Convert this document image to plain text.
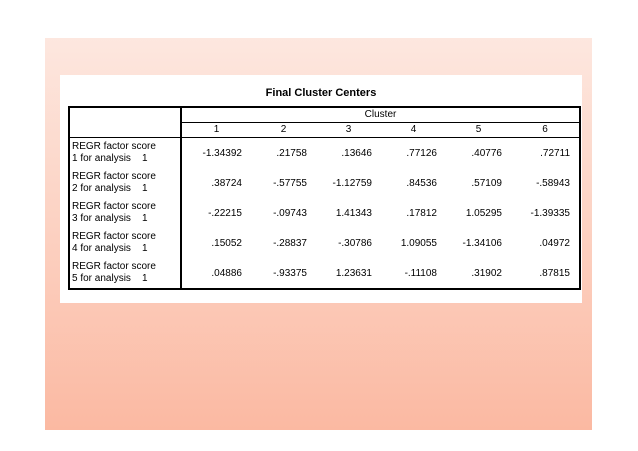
Final Cluster Centers
	Cluster					
	1	2	3	4	5	6
REGR factor score
1 for analysis    1	-1.34392	.21758	.13646	.77126	.40776	.72711
REGR factor score
2 for analysis    1	.38724	-.57755	-1.12759	.84536	.57109	-.58943
REGR factor score
3 for analysis    1	-.22215	-.09743	1.41343	.17812	1.05295	-1.39335
REGR factor score
4 for analysis    1	.15052	-.28837	-.30786	1.09055	-1.34106	.04972
REGR factor score
5 for analysis    1	.04886	-.93375	1.23631	-.11108	.31902	.87815
